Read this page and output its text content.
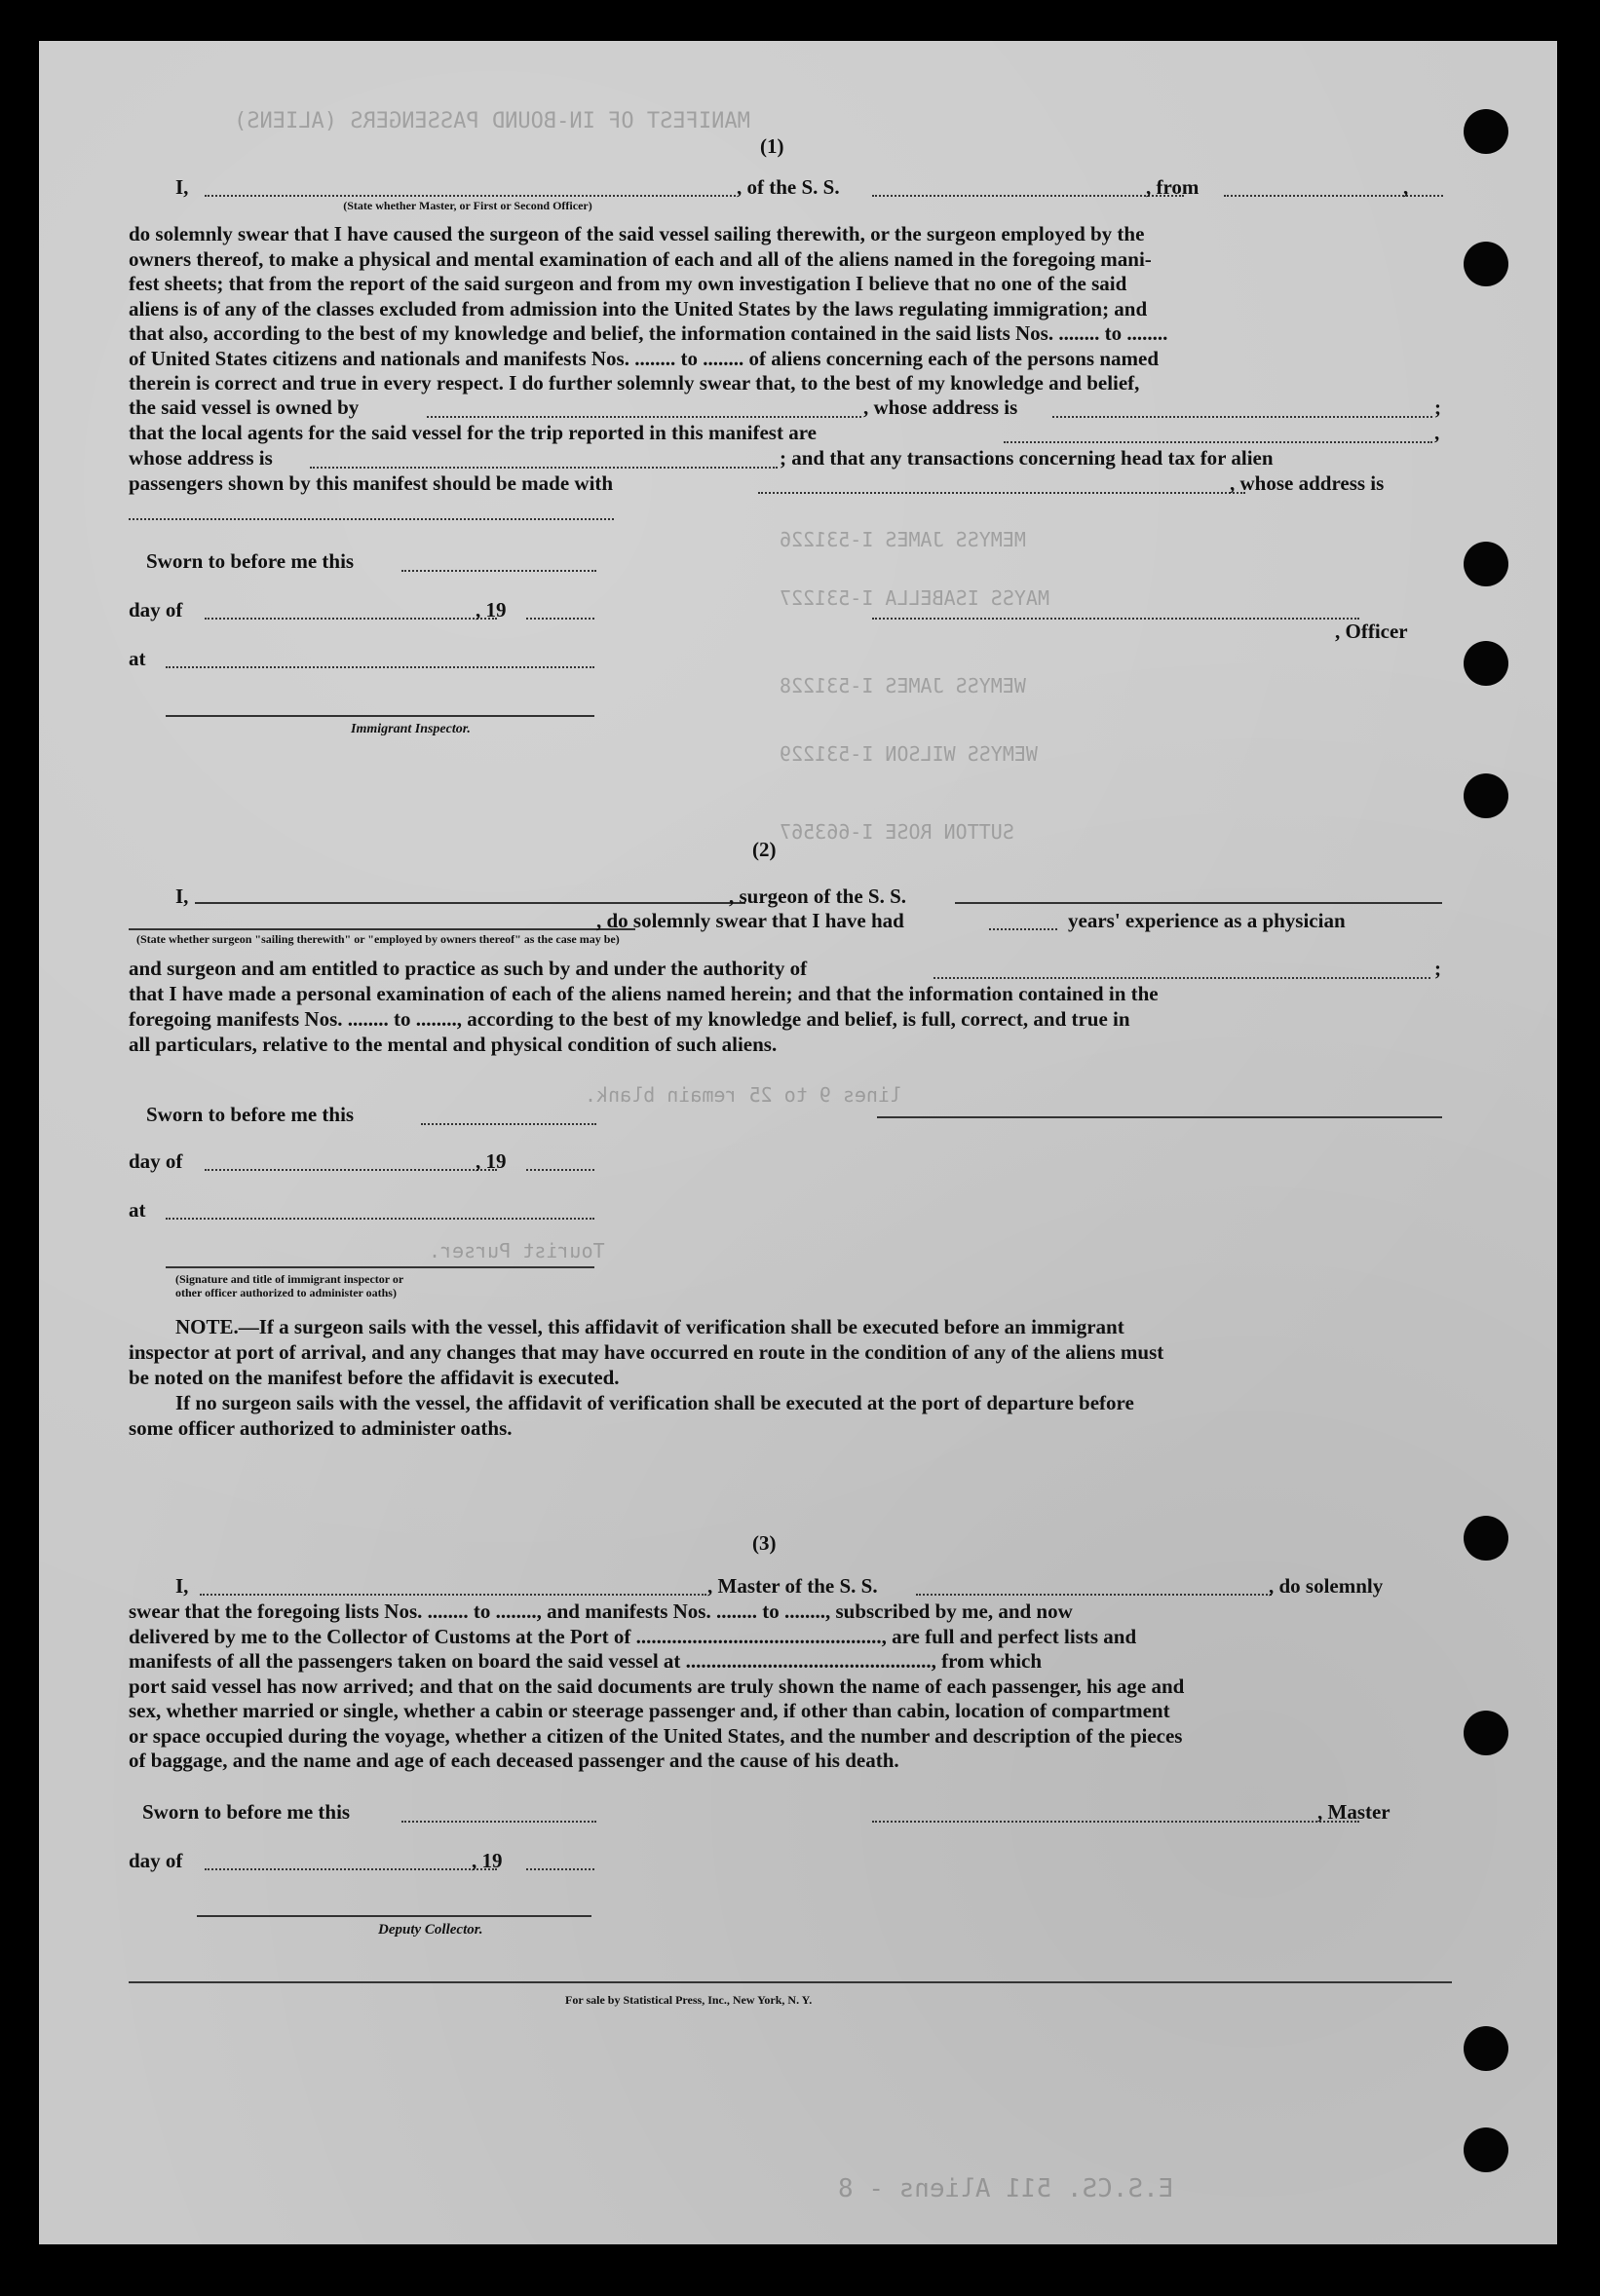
MANIFEST OF IN-BOUND PASSENGERS (ALIENS)
MEMYSS JAMES I-531226
MAYSS ISABELLA I-531227
WEMYSS JAMES I-531228
WEMYSS WILSON I-531229
SUTTON ROSE I-663567
lines 9 to 25 remain blank.
Tourist Purser.
E.S.CS. 511 Aliens - 8
(1)
I,	, of the S. S.	, from	,
(State whether Master, or First or Second Officer)
do solemnly swear that I have caused the surgeon of the said vessel sailing therewith, or the surgeon employed by the
owners thereof, to make a physical and mental examination of each and all of the aliens named in the foregoing mani-
fest sheets; that from the report of the said surgeon and from my own investigation I believe that no one of the said
aliens is of any of the classes excluded from admission into the United States by the laws regulating immigration; and
that also, according to the best of my knowledge and belief, the information contained in the said lists Nos. ........ to ........
of United States citizens and nationals and manifests Nos. ........ to ........ of aliens concerning each of the persons named
therein is correct and true in every respect. I do further solemnly swear that, to the best of my knowledge and belief,
the said vessel is owned by	, whose address is	;
that the local agents for the said vessel for the trip reported in this manifest are	,
whose address is	; and that any transactions concerning head tax for alien
passengers shown by this manifest should be made with	, whose address is
Sworn to before me this
day of	, 19
at
Immigrant Inspector.
, Officer
(2)
I,	, surgeon of the S. S.
, do solemnly swear that I have had	years' experience as a physician
(State whether surgeon "sailing therewith" or "employed by owners thereof" as the case may be)
and surgeon and am entitled to practice as such by and under the authority of	;
that I have made a personal examination of each of the aliens named herein; and that the information contained in the
foregoing manifests Nos. ........ to ........, according to the best of my knowledge and belief, is full, correct, and true in
all particulars, relative to the mental and physical condition of such aliens.
Sworn to before me this
day of	, 19
at
(Signature and title of immigrant inspector or
other officer authorized to administer oaths)
NOTE.—If a surgeon sails with the vessel, this affidavit of verification shall be executed before an immigrant
inspector at port of arrival, and any changes that may have occurred en route in the condition of any of the aliens must
be noted on the manifest before the affidavit is executed.
If no surgeon sails with the vessel, the affidavit of verification shall be executed at the port of departure before
some officer authorized to administer oaths.
(3)
I,	, Master of the S. S.	, do solemnly
swear that the foregoing lists Nos. ........ to ........, and manifests Nos. ........ to ........, subscribed by me, and now
delivered by me to the Collector of Customs at the Port of ................................................, are full and perfect lists and
manifests of all the passengers taken on board the said vessel at ................................................, from which
port said vessel has now arrived; and that on the said documents are truly shown the name of each passenger, his age and
sex, whether married or single, whether a cabin or steerage passenger and, if other than cabin, location of compartment
or space occupied during the voyage, whether a citizen of the United States, and the number and description of the pieces
of baggage, and the name and age of each deceased passenger and the cause of his death.
Sworn to before me this	, Master
day of	, 19
Deputy Collector.
For sale by Statistical Press, Inc., New York, N. Y.
